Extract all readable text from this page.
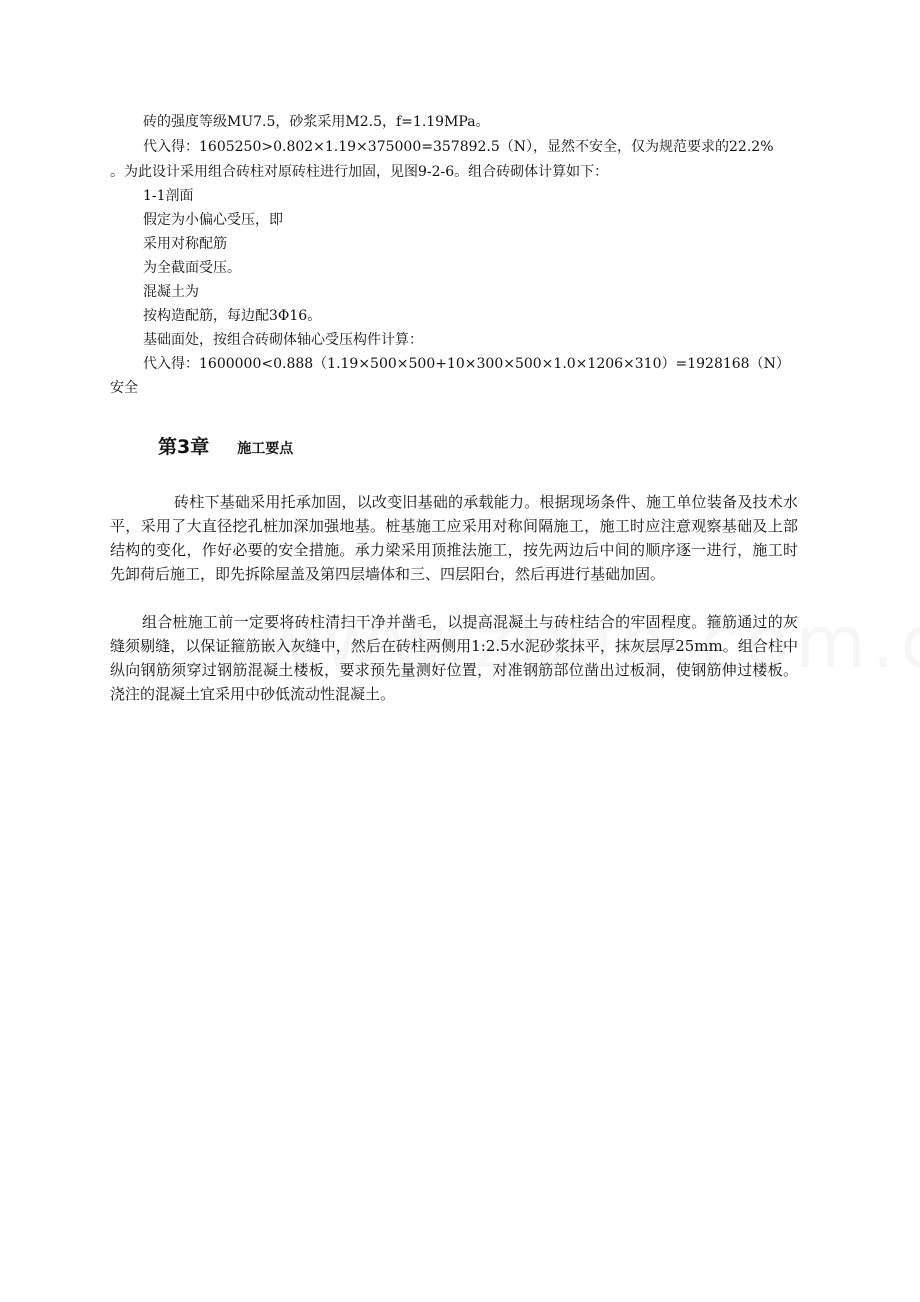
砖的强度等级MU7.5，砂浆采用M2.5，f=1.19MPa。
代入得：1605250>0.802×1.19×375000=357892.5（N），显然不安全，仅为规范要求的22.2%
。为此设计采用组合砖柱对原砖柱进行加固，见图9-2-6。组合砖砌体计算如下：
1-1剖面
假定为小偏心受压，即
采用对称配筋
为全截面受压。
混凝土为
按构造配筋，每边配3Φ16。
基础面处，按组合砖砌体轴心受压构件计算：
代入得：1600000<0.888（1.19×500×500+10×300×500×1.0×1206×310）=1928168（N）
安全
第3章 施工要点
砖柱下基础采用托承加固，以改变旧基础的承载能力。根据现场条件、施工单位装备及技术水平，采用了大直径挖孔桩加深加强地基。桩基施工应采用对称间隔施工，施工时应注意观察基础及上部结构的变化，作好必要的安全措施。承力梁采用顶推法施工，按先两边后中间的顺序逐一进行，施工时先卸荷后施工，即先拆除屋盖及第四层墙体和三、四层阳台，然后再进行基础加固。
组合桩施工前一定要将砖柱清扫干净并凿毛，以提高混凝土与砖柱结合的牢固程度。箍筋通过的灰缝须剔缝，以保证箍筋嵌入灰缝中，然后在砖柱两侧用1:2.5水泥砂浆抹平，抹灰层厚25mm。组合柱中纵向钢筋须穿过钢筋混凝土楼板，要求预先量测好位置，对准钢筋部位凿出过板洞，使钢筋伸过楼板。浇注的混凝土宜采用中砂低流动性混凝土。
